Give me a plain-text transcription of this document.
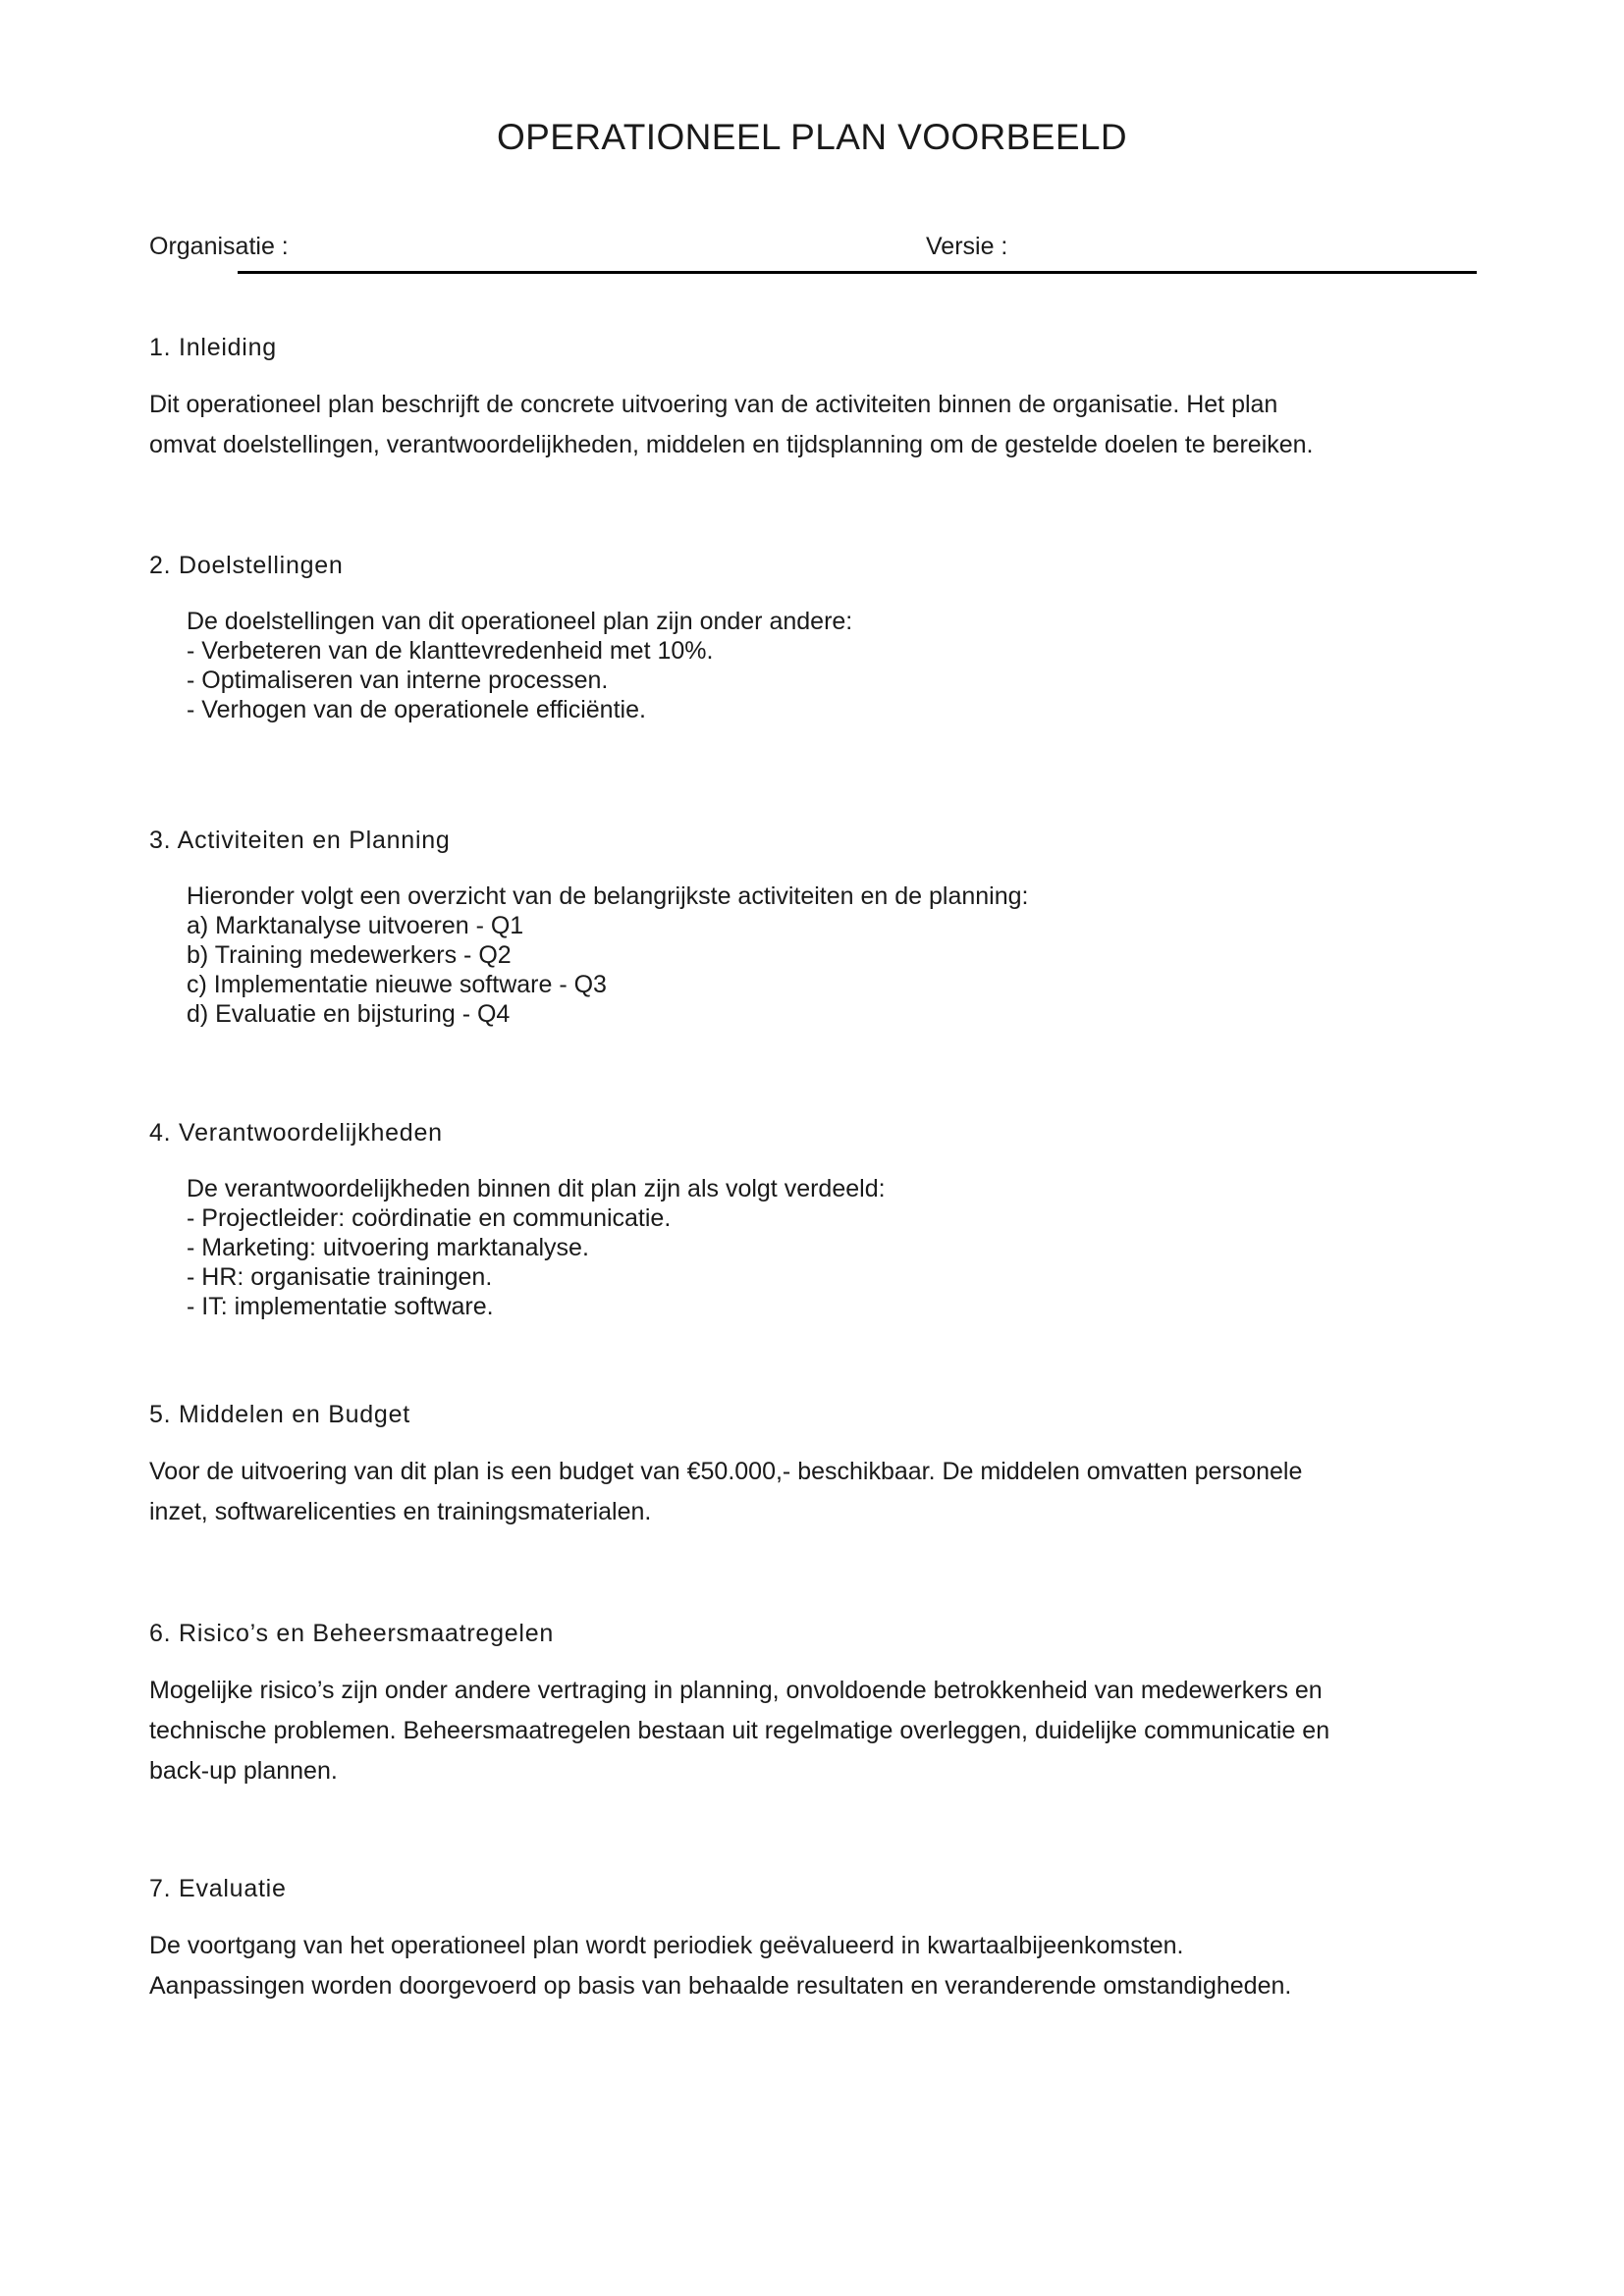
OPERATIONEEL PLAN VOORBEELD
Organisatie :	Versie :
1. Inleiding
Dit operationeel plan beschrijft de concrete uitvoering van de activiteiten binnen de organisatie. Het plan
omvat doelstellingen, verantwoordelijkheden, middelen en tijdsplanning om de gestelde doelen te bereiken.
2. Doelstellingen
De doelstellingen van dit operationeel plan zijn onder andere:
- Verbeteren van de klanttevredenheid met 10%.
- Optimaliseren van interne processen.
- Verhogen van de operationele efficiëntie.
3. Activiteiten en Planning
Hieronder volgt een overzicht van de belangrijkste activiteiten en de planning:
a) Marktanalyse uitvoeren - Q1
b) Training medewerkers - Q2
c) Implementatie nieuwe software - Q3
d) Evaluatie en bijsturing - Q4
4. Verantwoordelijkheden
De verantwoordelijkheden binnen dit plan zijn als volgt verdeeld:
- Projectleider: coördinatie en communicatie.
- Marketing: uitvoering marktanalyse.
- HR: organisatie trainingen.
- IT: implementatie software.
5. Middelen en Budget
Voor de uitvoering van dit plan is een budget van €50.000,- beschikbaar. De middelen omvatten personele
inzet, softwarelicenties en trainingsmaterialen.
6. Risico’s en Beheersmaatregelen
Mogelijke risico’s zijn onder andere vertraging in planning, onvoldoende betrokkenheid van medewerkers en
technische problemen. Beheersmaatregelen bestaan uit regelmatige overleggen, duidelijke communicatie en
back-up plannen.
7. Evaluatie
De voortgang van het operationeel plan wordt periodiek geëvalueerd in kwartaalbijeenkomsten.
Aanpassingen worden doorgevoerd op basis van behaalde resultaten en veranderende omstandigheden.
